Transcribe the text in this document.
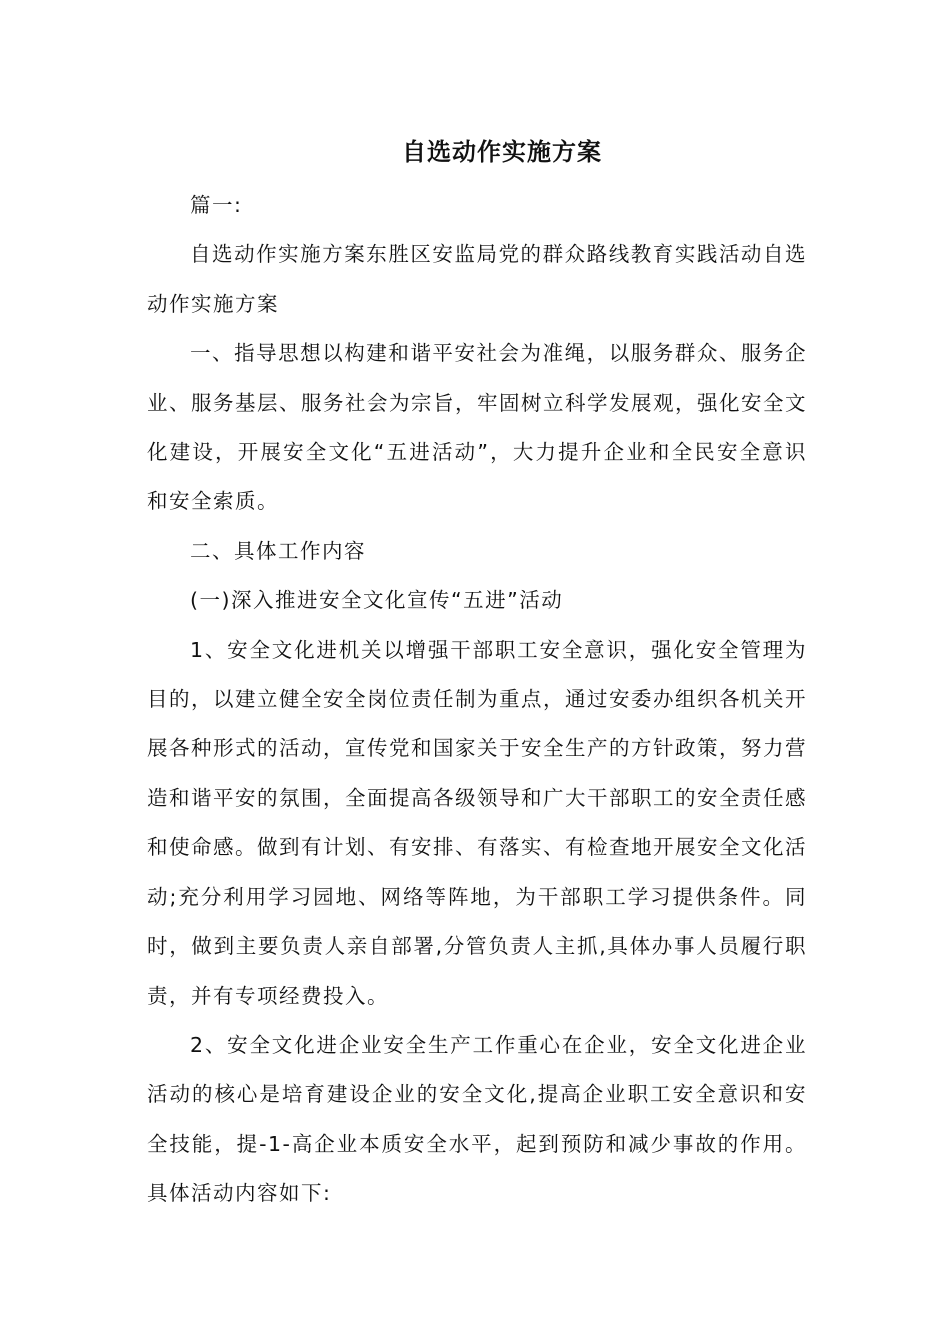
自选动作实施方案

篇一:

自选动作实施方案东胜区安监局党的群众路线教育实践活动自选动作实施方案

一、指导思想以构建和谐平安社会为准绳，以服务群众、服务企业、服务基层、服务社会为宗旨，牢固树立科学发展观，强化安全文化建设，开展安全文化“五进活动”，大力提升企业和全民安全意识和安全索质。

二、具体工作内容

(一)深入推进安全文化宣传“五进”活动

1、安全文化进机关以增强干部职工安全意识，强化安全管理为目的，以建立健全安全岗位责任制为重点，通过安委办组织各机关开展各种形式的活动，宣传党和国家关于安全生产的方针政策，努力营造和谐平安的氛围，全面提高各级领导和广大干部职工的安全责任感和使命感。做到有计划、有安排、有落实、有检查地开展安全文化活动;充分利用学习园地、网络等阵地，为干部职工学习提供条件。同时，做到主要负责人亲自部署,分管负责人主抓,具体办事人员履行职责，并有专项经费投入。

2、安全文化进企业安全生产工作重心在企业，安全文化进企业活动的核心是培育建设企业的安全文化,提高企业职工安全意识和安全技能，提-1-高企业本质安全水平，起到预防和减少事故的作用。具体活动内容如下:
